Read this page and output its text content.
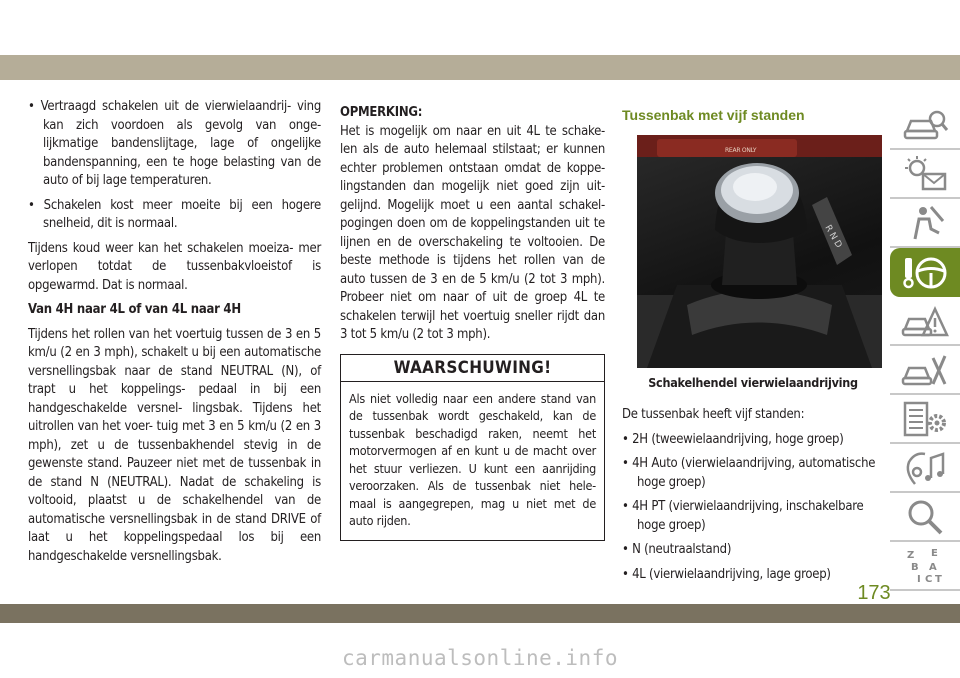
• Vertraagd schakelen uit de vierwielaandrij- ving kan zich voordoen als gevolg van onge- lijkmatige bandenslijtage, lage of ongelijke bandenspanning, een te hoge belasting van de auto of bij lage temperaturen.

• Schakelen kost meer moeite bij een hogere snelheid, dit is normaal.

Tijdens koud weer kan het schakelen moeiza- mer verlopen totdat de tussenbakvloeistof is opgewarmd. Dat is normaal.

Van 4H naar 4L of van 4L naar 4H

Tijdens het rollen van het voertuig tussen de 3 en 5 km/u (2 en 3 mph), schakelt u bij een automatische versnellingsbak naar de stand NEUTRAL (N), of trapt u het koppelings- pedaal in bij een handgeschakelde versnel- lingsbak. Tijdens het uitrollen van het voer- tuig met 3 en 5 km/u (2 en 3 mph), zet u de tussenbakhendel stevig in de gewenste stand. Pauzeer niet met de tussenbak in de stand N (NEUTRAL). Nadat de schakeling is voltooid, plaatst u de schakelhendel van de automatische versnellingsbak in de stand DRIVE of laat u het koppelingspedaal los bij een handgeschakelde versnellingsbak.

OPMERKING:
Het is mogelijk om naar en uit 4L te schake- len als de auto helemaal stilstaat; er kunnen echter problemen ontstaan omdat de koppe- lingstanden dan mogelijk niet goed zijn uit- gelijnd. Mogelijk moet u een aantal schakel- pogingen doen om de koppelingstanden uit te lijnen en de overschakeling te voltooien. De beste methode is tijdens het rollen van de auto tussen de 3 en de 5 km/u (2 tot 3 mph). Probeer niet om naar of uit de groep 4L te schakelen terwijl het voertuig sneller rijdt dan 3 tot 5 km/u (2 tot 3 mph).

WAARSCHUWING!
Als niet volledig naar een andere stand van de tussenbak wordt geschakeld, kan de tussenbak beschadigd raken, neemt het motorvermogen af en kunt u de macht over het stuur verliezen. U kunt een aanrijding veroorzaken. Als de tussenbak niet hele- maal is aangegrepen, mag u niet met de auto rijden.
Tussenbak met vijf standen
REAR ONLY
R N D
Schakelhendel vierwielaandrijving

De tussenbak heeft vijf standen:

• 2H (tweewielaandrijving, hoge groep)

• 4H Auto (vierwielaandrijving, automatische hoge groep)

• 4H PT (vierwielaandrijving, inschakelbare hoge groep)

• N (neutraalstand)

• 4L (vierwielaandrijving, lage groep)

Z E
B A
I C T
173
carmanualsonline.info
